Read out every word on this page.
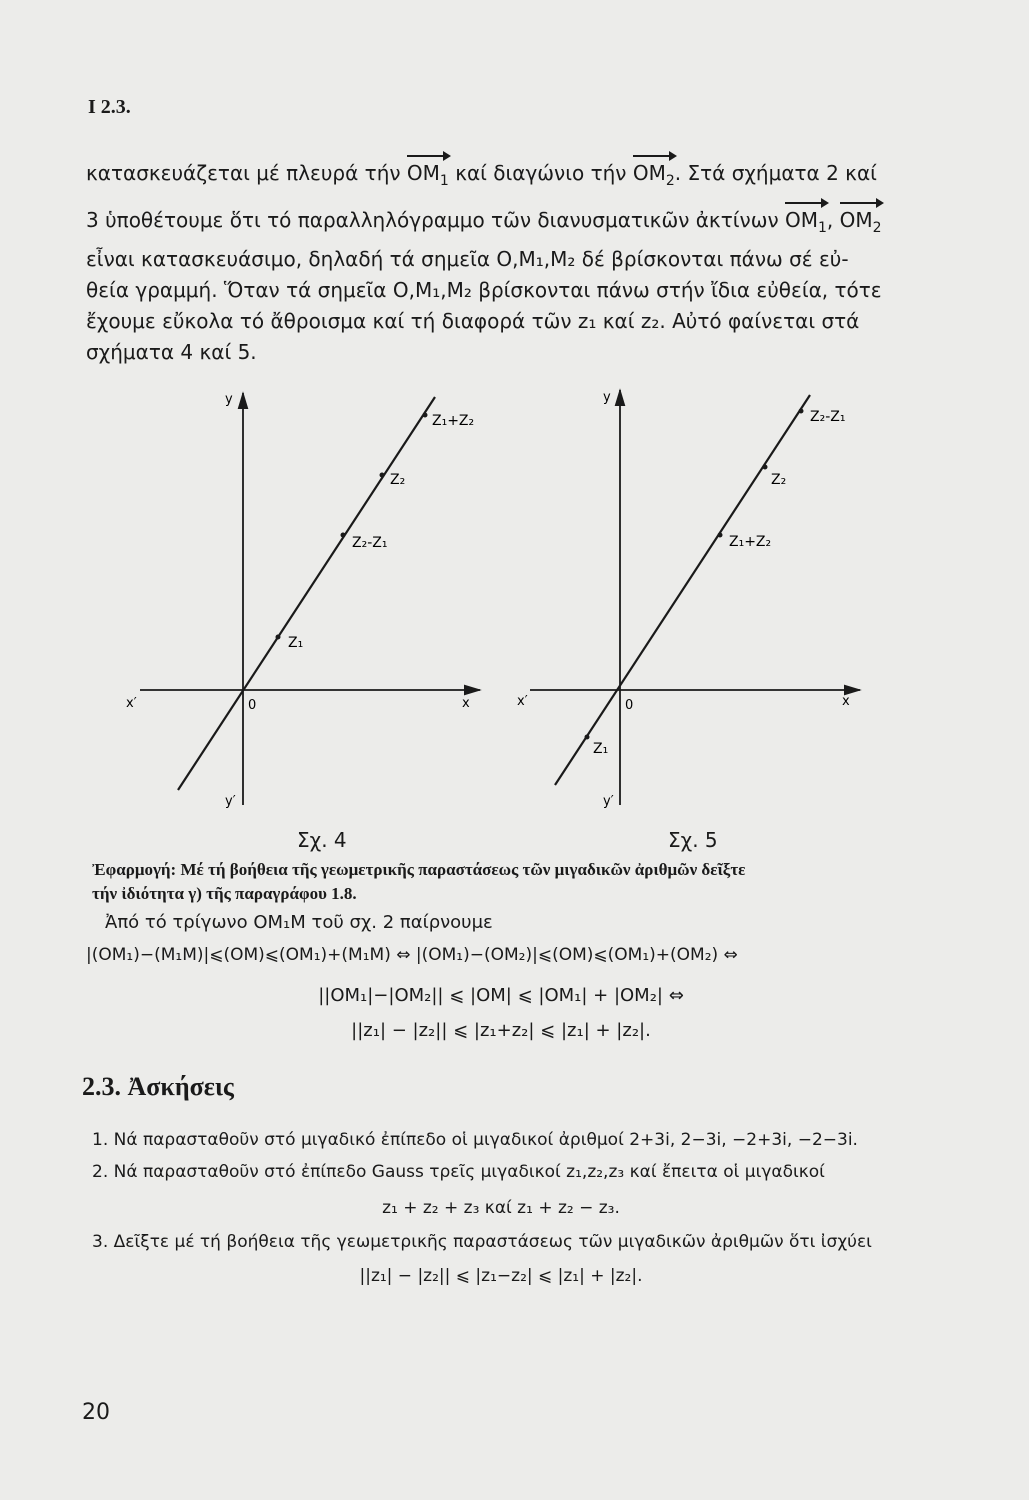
I 2.3.

κατασκευάζεται μέ πλευρά τήν $OM_1$ καί διαγώνιο τήν $OM_2$. Στά σχήματα 2 καί

3 ὑποθέτουμε ὅτι τό παραλληλόγραμμο τῶν διανυσματικῶν ἀκτίνων $OM_1$, $OM_2$

εἶναι κατασκευάσιμο, δηλαδή τά σημεῖα O,M₁,M₂ δέ βρίσκονται πάνω σέ εὐ-

θεία γραμμή. Ὅταν τά σημεῖα O,M₁,M₂ βρίσκονται πάνω στήν ἴδια εὐθεία, τότε

ἔχουμε εὔκολα τό ἄθροισμα καί τή διαφορά τῶν z₁ καί z₂. Αὐτό φαίνεται στά

σχήματα 4 καί 5.

y
y′
x
x′	0
Z₁+Z₂
Z₂
Z₂-Z₁
Z₁
y
y′
x
x′	0
Z₂-Z₁
Z₂
Z₁+Z₂
Z₁
Σχ. 4	Σχ. 5
Ἐφαρμογή: Μέ τή βοήθεια τῆς γεωμετρικῆς παραστάσεως τῶν μιγαδικῶν ἀριθμῶν δεῖξτε
τήν ἰδιότητα γ) τῆς παραγράφου 1.8.
Ἀπό τό τρίγωνο OM₁M τοῦ σχ. 2 παίρνουμε
|(OM₁)−(M₁M)|⩽(OM)⩽(OM₁)+(M₁M) ⇔ |(OM₁)−(OM₂)|⩽(OM)⩽(OM₁)+(OM₂) ⇔
||OM₁|−|OM₂|| ⩽ |OM| ⩽ |OM₁| + |OM₂| ⇔
||z₁| − |z₂|| ⩽ |z₁+z₂| ⩽ |z₁| + |z₂|.
2.3. Ἀσκήσεις
1. Νά παρασταθοῦν στό μιγαδικό ἐπίπεδο οἱ μιγαδικοί ἀριθμοί 2+3i, 2−3i, −2+3i, −2−3i.
2. Νά παρασταθοῦν στό ἐπίπεδο Gauss τρεῖς μιγαδικοί z₁,z₂,z₃ καί ἔπειτα οἱ μιγαδικοί
z₁ + z₂ + z₃ καί z₁ + z₂ − z₃.
3. Δεῖξτε μέ τή βοήθεια τῆς γεωμετρικῆς παραστάσεως τῶν μιγαδικῶν ἀριθμῶν ὅτι ἰσχύει
||z₁| − |z₂|| ⩽ |z₁−z₂| ⩽ |z₁| + |z₂|.
20
